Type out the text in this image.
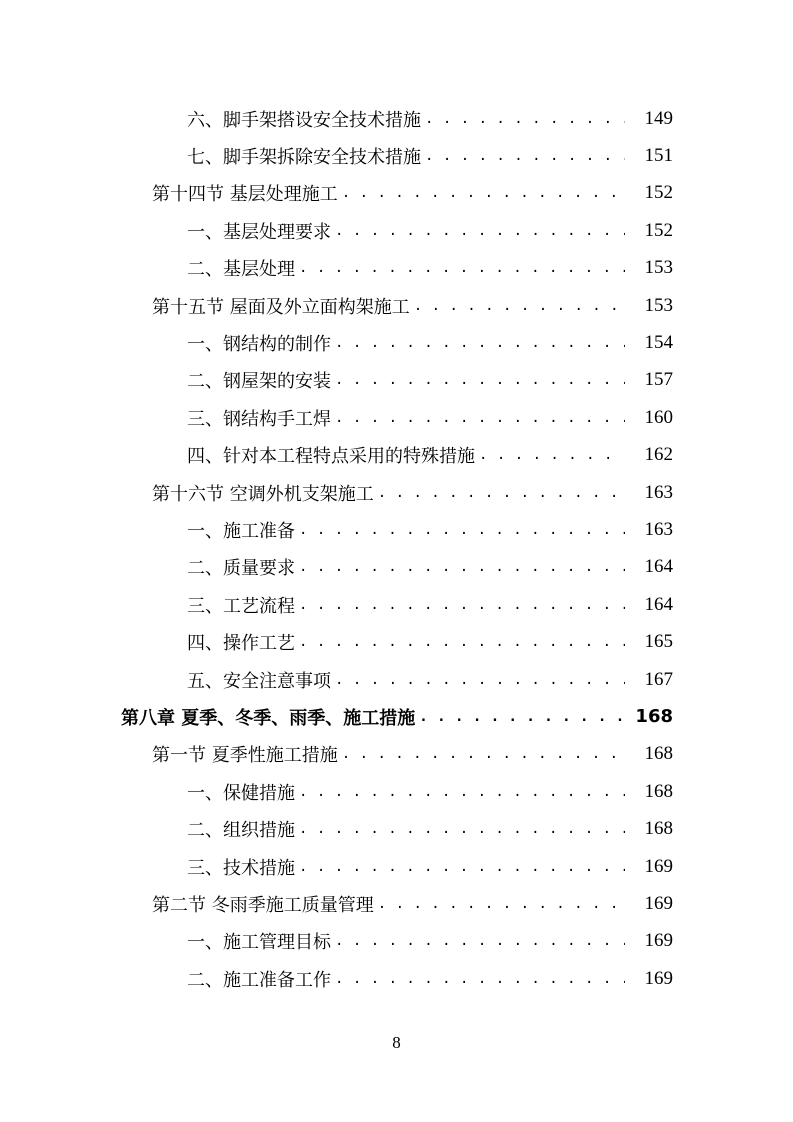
六、脚手架搭设安全技术措施 . . .	149
七、脚手架拆除安全技术措施 . . .	151
第十四节 基层处理施工 . . .	152
一、基层处理要求 . . .	152
二、基层处理 . . .	153
第十五节 屋面及外立面构架施工 . . .	153
一、钢结构的制作 . . .	154
二、钢屋架的安装 . . .	157
三、钢结构手工焊 . . .	160
四、针对本工程特点采用的特殊措施 . . .	162
第十六节 空调外机支架施工 . . .	163
一、施工准备 . . .	163
二、质量要求 . . .	164
三、工艺流程 . . .	164
四、操作工艺 . . .	165
五、安全注意事项 . . .	167
第八章 夏季、冬季、雨季、施工措施 . . .	168
第一节 夏季性施工措施 . . .	168
一、保健措施 . . .	168
二、组织措施 . . .	168
三、技术措施 . . .	169
第二节 冬雨季施工质量管理 . . .	169
一、施工管理目标 . . .	169
二、施工准备工作 . . .	169
8
